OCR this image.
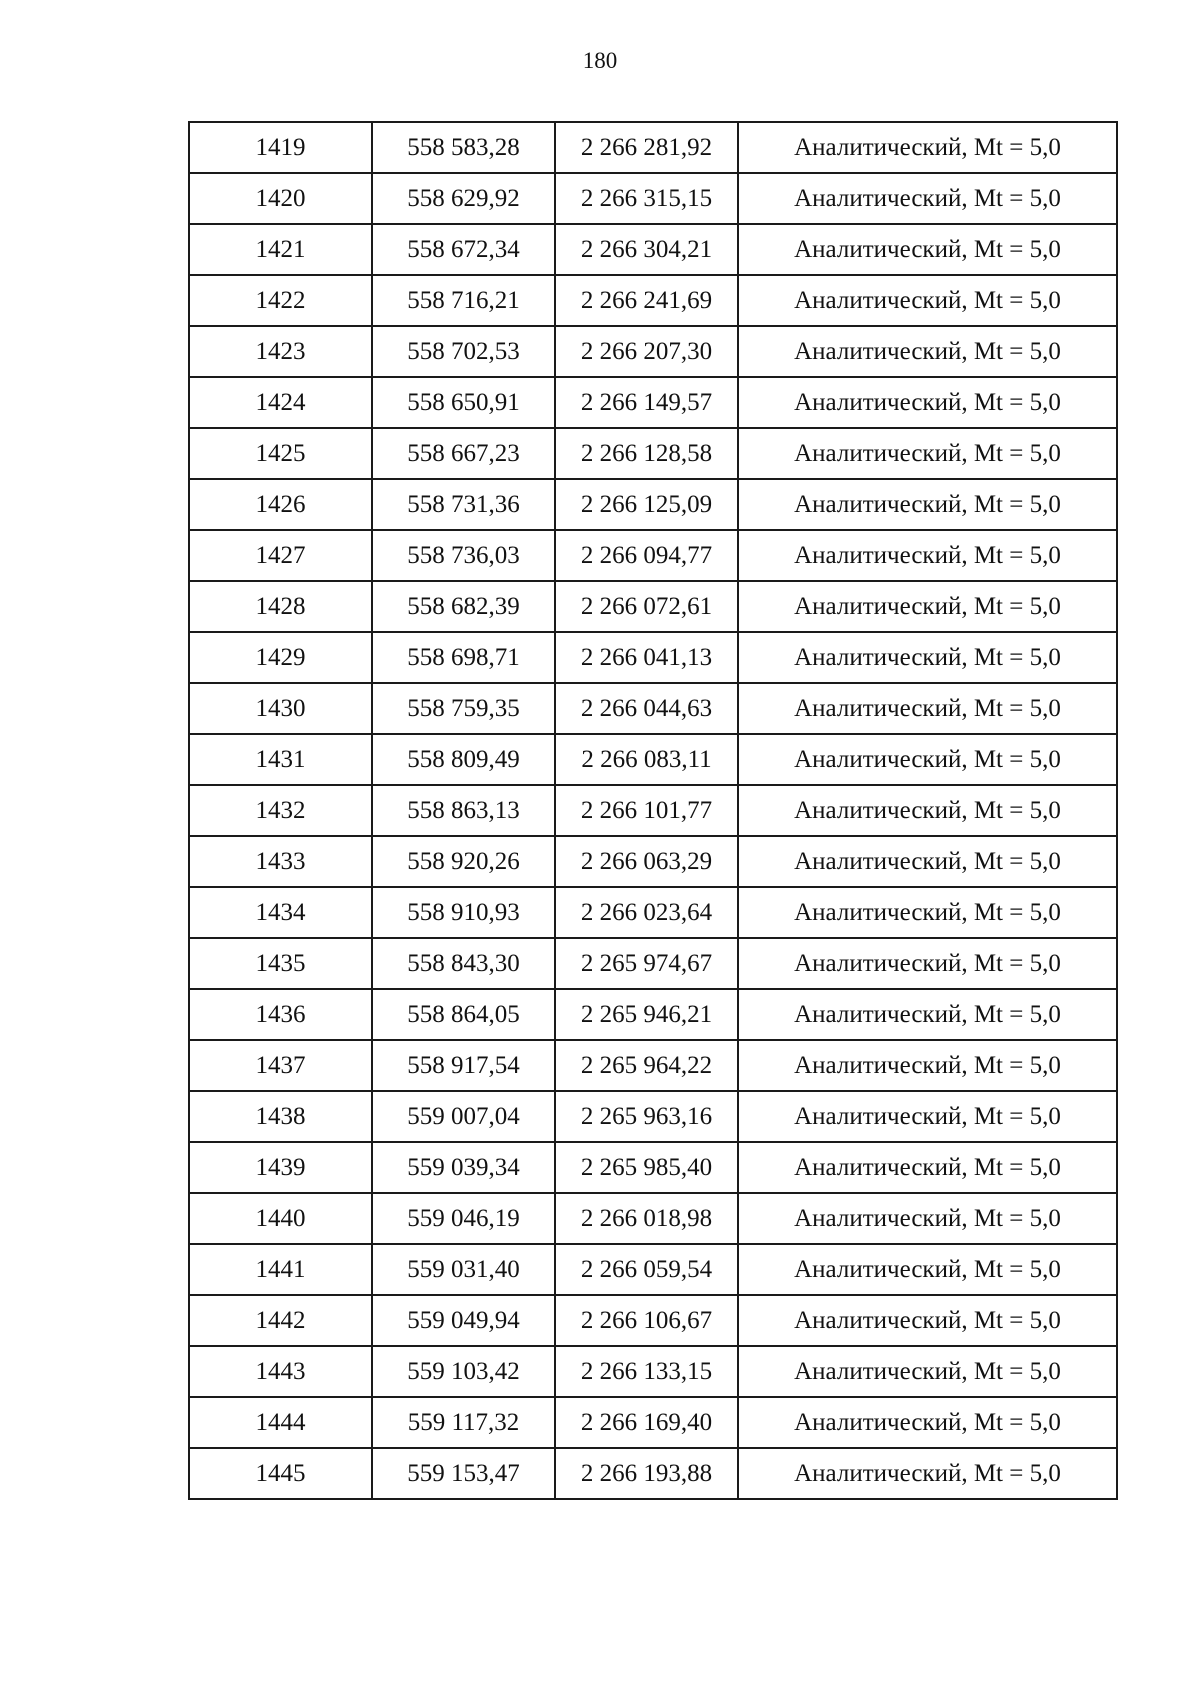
180
1419	558 583,28	2 266 281,92	Аналитический, Mt = 5,0
1420	558 629,92	2 266 315,15	Аналитический, Mt = 5,0
1421	558 672,34	2 266 304,21	Аналитический, Mt = 5,0
1422	558 716,21	2 266 241,69	Аналитический, Mt = 5,0
1423	558 702,53	2 266 207,30	Аналитический, Mt = 5,0
1424	558 650,91	2 266 149,57	Аналитический, Mt = 5,0
1425	558 667,23	2 266 128,58	Аналитический, Mt = 5,0
1426	558 731,36	2 266 125,09	Аналитический, Mt = 5,0
1427	558 736,03	2 266 094,77	Аналитический, Mt = 5,0
1428	558 682,39	2 266 072,61	Аналитический, Mt = 5,0
1429	558 698,71	2 266 041,13	Аналитический, Mt = 5,0
1430	558 759,35	2 266 044,63	Аналитический, Mt = 5,0
1431	558 809,49	2 266 083,11	Аналитический, Mt = 5,0
1432	558 863,13	2 266 101,77	Аналитический, Mt = 5,0
1433	558 920,26	2 266 063,29	Аналитический, Mt = 5,0
1434	558 910,93	2 266 023,64	Аналитический, Mt = 5,0
1435	558 843,30	2 265 974,67	Аналитический, Mt = 5,0
1436	558 864,05	2 265 946,21	Аналитический, Mt = 5,0
1437	558 917,54	2 265 964,22	Аналитический, Mt = 5,0
1438	559 007,04	2 265 963,16	Аналитический, Mt = 5,0
1439	559 039,34	2 265 985,40	Аналитический, Mt = 5,0
1440	559 046,19	2 266 018,98	Аналитический, Mt = 5,0
1441	559 031,40	2 266 059,54	Аналитический, Mt = 5,0
1442	559 049,94	2 266 106,67	Аналитический, Mt = 5,0
1443	559 103,42	2 266 133,15	Аналитический, Mt = 5,0
1444	559 117,32	2 266 169,40	Аналитический, Mt = 5,0
1445	559 153,47	2 266 193,88	Аналитический, Mt = 5,0
